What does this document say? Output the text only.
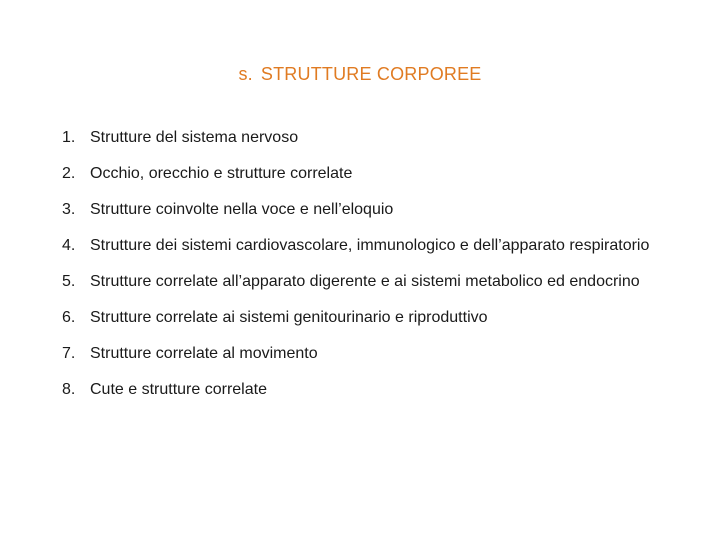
s. STRUTTURE CORPOREE
1. Strutture del sistema nervoso
2. Occhio, orecchio e strutture correlate
3. Strutture coinvolte nella voce e nell’eloquio
4. Strutture dei sistemi cardiovascolare, immunologico e dell’apparato respiratorio
5. Strutture correlate all’apparato digerente e ai sistemi metabolico ed endocrino
6. Strutture correlate ai sistemi genitourinario e riproduttivo
7. Strutture correlate al movimento
8. Cute e strutture correlate
